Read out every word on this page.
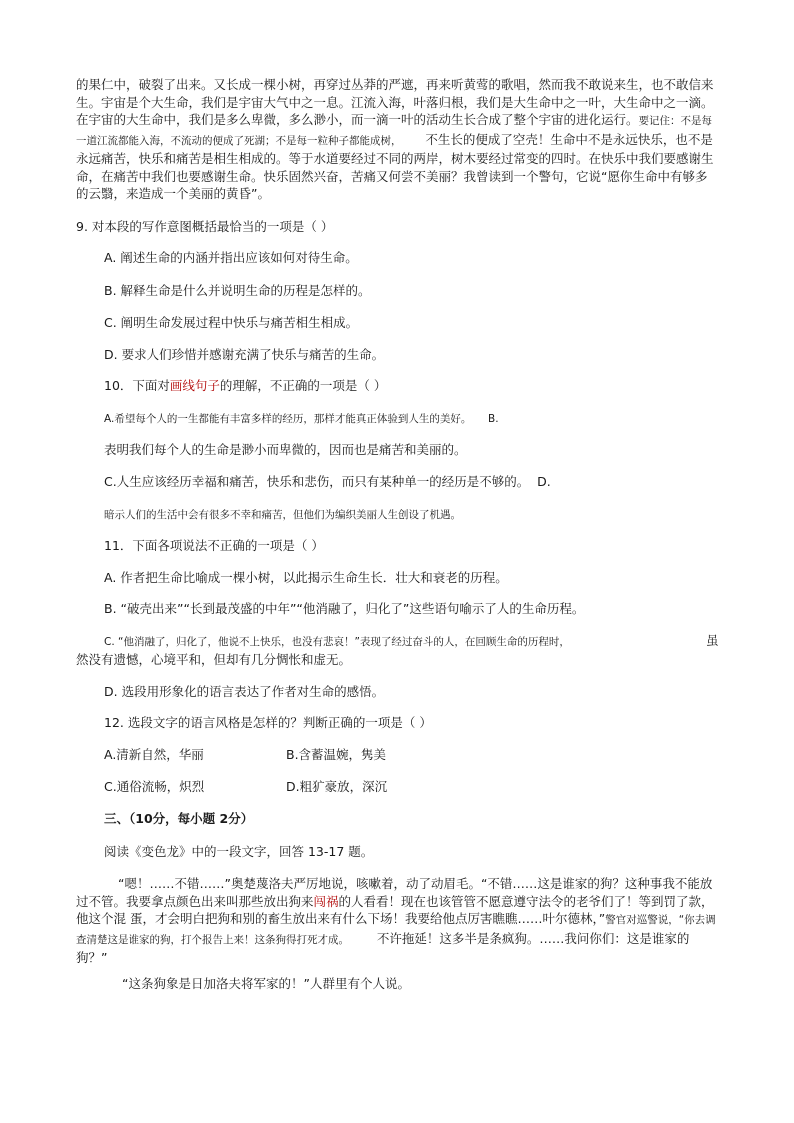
的果仁中，破裂了出来。又长成一棵小树，再穿过丛莽的严遮，再来听黄莺的歌唱，然而我不敢说来生，也不敢信来生。宇宙是个大生命，我们是宇宙大气中之一息。江流入海，叶落归根，我们是大生命中之一叶，大生命中之一滴。在宇宙的大生命中，我们是多么卑微，多么渺小，而一滴一叶的活动生长合成了整个宇宙的进化运行。要记住：不是每一道江流都能入海，不流动的便成了死湖；不是每一粒种子都能成树， 不生长的便成了空壳！生命中不是永远快乐，也不是永远痛苦，快乐和痛苦是相生相成的。等于水道要经过不同的两岸，树木要经过常变的四时。在快乐中我们要感谢生命，在痛苦中我们也要感谢生命。快乐固然兴奋，苦痛又何尝不美丽？我曾读到一个警句，它说“愿你生命中有够多的云翳，来造成一个美丽的黄昏”。

9. 对本段的写作意图概括最恰当的一项是（ ）

A. 阐述生命的内涵并指出应该如何对待生命。

B. 解释生命是什么并说明生命的历程是怎样的。

C. 阐明生命发展过程中快乐与痛苦相生相成。

D. 要求人们珍惜并感谢充满了快乐与痛苦的生命。

10．下面对画线句子的理解，不正确的一项是（ ）

A.希望每个人的一生都能有丰富多样的经历，那样才能真正体验到人生的美好。 B.

表明我们每个人的生命是渺小而卑微的，因而也是痛苦和美丽的。

C.人生应该经历幸福和痛苦，快乐和悲伤，而只有某种单一的经历是不够的。 D.

暗示人们的生活中会有很多不幸和痛苦，但他们为编织美丽人生创设了机遇。

11．下面各项说法不正确的一项是（ ）

A. 作者把生命比喻成一棵小树，以此揭示生命生长．壮大和衰老的历程。

B. “破壳出来”“长到最茂盛的中年”“他消融了，归化了”这些语句喻示了人的生命历程。

C. “他消融了，归化了，他说不上快乐，也没有悲哀！”表现了经过奋斗的人，在回顾生命的历程时，	虽

然没有遗憾，心境平和，但却有几分惆怅和虚无。

D. 选段用形象化的语言表达了作者对生命的感悟。

12. 选段文字的语言风格是怎样的？判断正确的一项是（ ）

A.清新自然，华丽	B.含蓄温婉，隽美

C.通俗流畅，炽烈	D.粗犷豪放，深沉

三、（10分，每小题 2分）

阅读《变色龙》中的一段文字，回答 13-17 题。

“嗯！……不错……”奥楚蔑洛夫严厉地说，咳嗽着，动了动眉毛。“不错……这是谁家的狗？这种事我不能放过不管。我要拿点颜色出来叫那些放出狗来闯祸的人看看！现在也该管管不愿意遵守法令的老爷们了！等到罚了款，他这个混 蛋，才会明白把狗和别的畜生放出来有什么下场！我要给他点厉害瞧瞧……叶尔德林，”警官对巡警说，“你去调查清楚这是谁家的狗，打个报告上来！这条狗得打死才成。 不许拖延！这多半是条疯狗。……我问你们：这是谁家的狗？”

“这条狗象是日加洛夫将军家的！”人群里有个人说。
